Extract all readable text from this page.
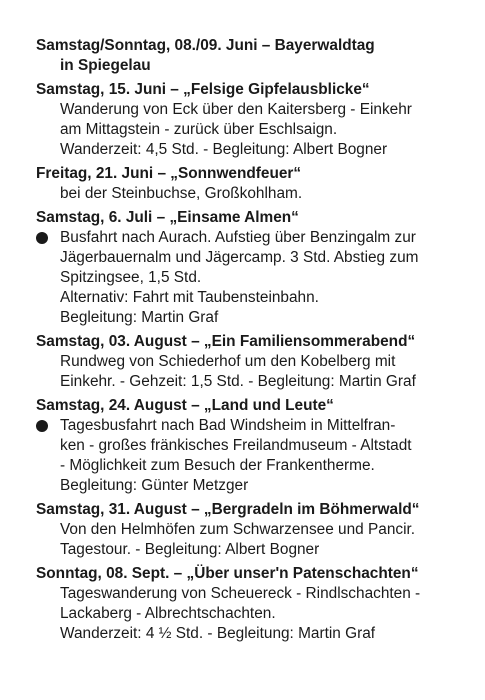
Samstag/Sonntag, 08./09. Juni – Bayerwaldtag
in Spiegelau
Samstag, 15. Juni – „Felsige Gipfelausblicke“
Wanderung von Eck über den Kaitersberg - Einkehr
am Mittagstein - zurück über Eschlsaign.
Wanderzeit: 4,5 Std. - Begleitung: Albert Bogner
Freitag, 21. Juni – „Sonnwendfeuer“
bei der Steinbuchse, Großkohlham.
Samstag, 6. Juli – „Einsame Almen“
Busfahrt nach Aurach. Aufstieg über Benzingalm zur
Jägerbauernalm und Jägercamp. 3 Std. Abstieg zum
Spitzingsee, 1,5 Std.
Alternativ: Fahrt mit Taubensteinbahn.
Begleitung: Martin Graf
Samstag, 03. August – „Ein Familiensommerabend“
Rundweg von Schiederhof um den Kobelberg mit
Einkehr. - Gehzeit: 1,5 Std. - Begleitung: Martin Graf
Samstag, 24. August – „Land und Leute“
Tagesbusfahrt nach Bad Windsheim in Mittelfran-
ken - großes fränkisches Freilandmuseum - Altstadt
- Möglichkeit zum Besuch der Frankentherme.
Begleitung: Günter Metzger
Samstag, 31. August – „Bergradeln im Böhmerwald“
Von den Helmhöfen zum Schwarzensee und Pancir.
Tagestour. - Begleitung: Albert Bogner
Sonntag, 08. Sept. – „Über unser'n Patenschachten“
Tageswanderung von Scheuereck - Rindlschachten -
Lackaberg - Albrechtschachten.
Wanderzeit: 4 ½ Std. - Begleitung: Martin Graf
